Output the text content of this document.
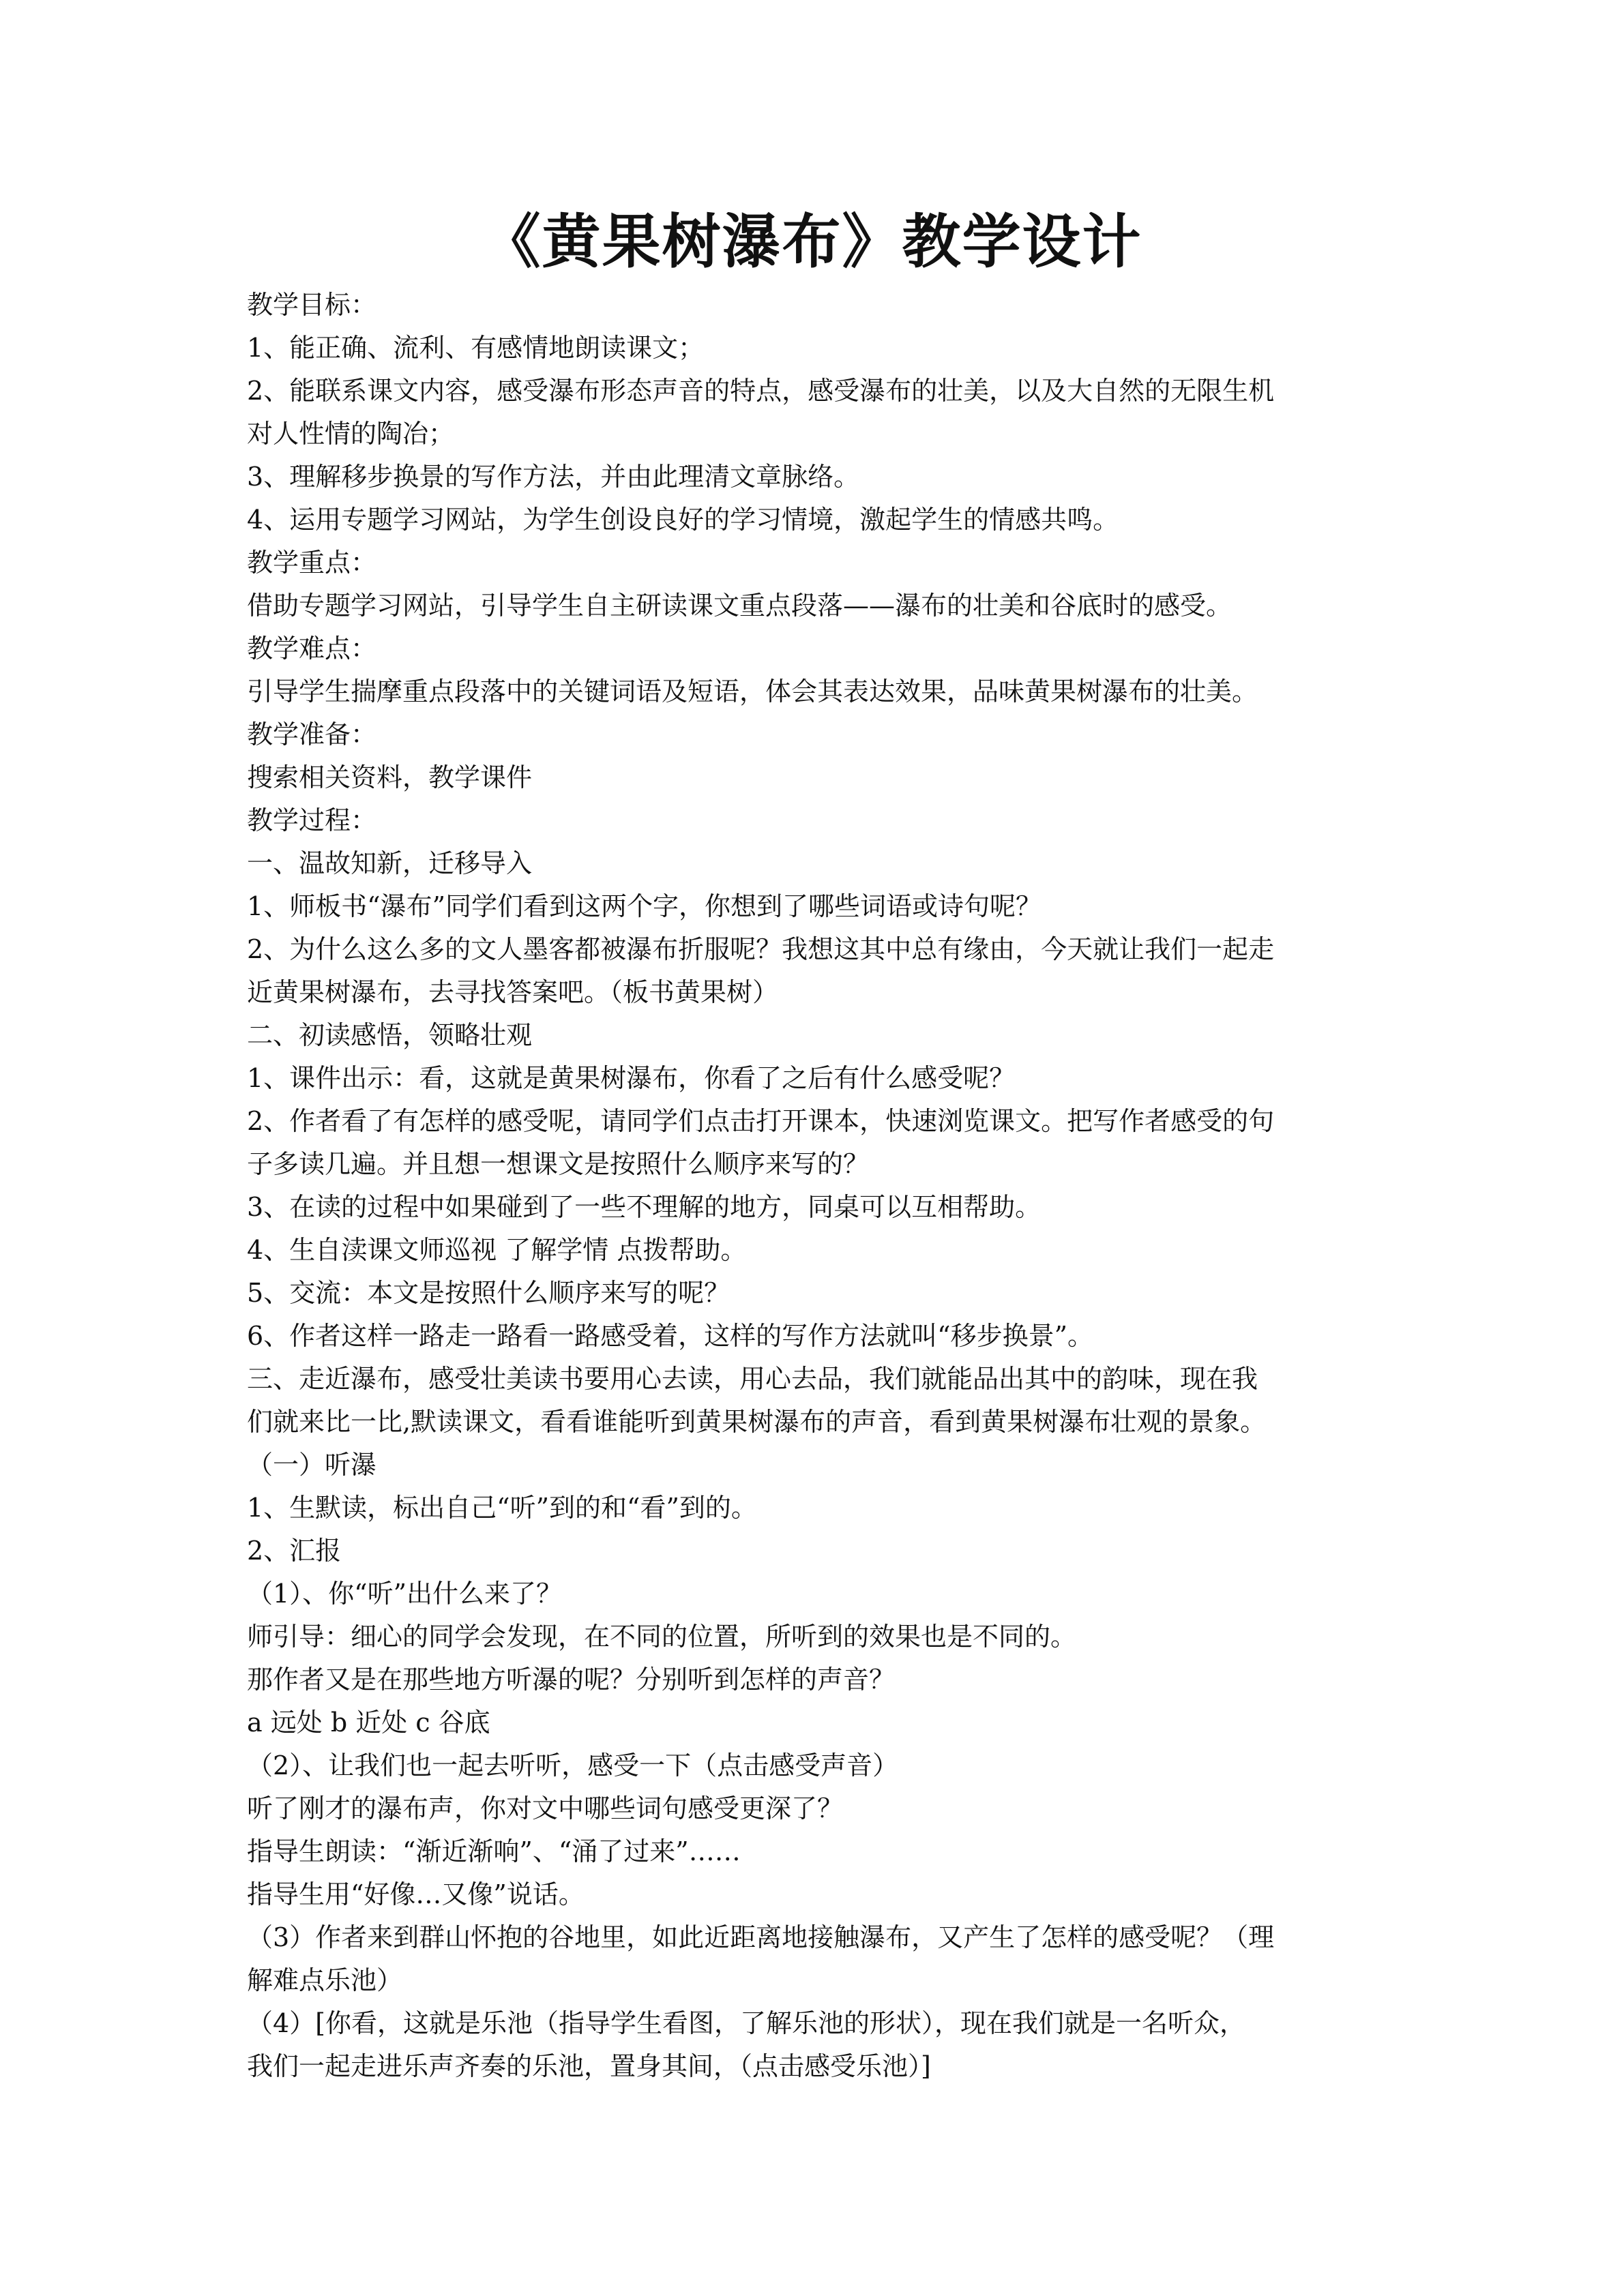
《黄果树瀑布》教学设计
教学目标：
1、能正确、流利、有感情地朗读课文；
2、能联系课文内容，感受瀑布形态声音的特点，感受瀑布的壮美，以及大自然的无限生机
对人性情的陶冶；
3、理解移步换景的写作方法，并由此理清文章脉络。
4、运用专题学习网站，为学生创设良好的学习情境，激起学生的情感共鸣。
教学重点：
借助专题学习网站，引导学生自主研读课文重点段落——瀑布的壮美和谷底时的感受。
教学难点：
引导学生揣摩重点段落中的关键词语及短语，体会其表达效果，品味黄果树瀑布的壮美。
教学准备：
搜索相关资料，教学课件
教学过程：
一、温故知新，迁移导入
1、师板书“瀑布”同学们看到这两个字，你想到了哪些词语或诗句呢？
2、为什么这么多的文人墨客都被瀑布折服呢？我想这其中总有缘由，今天就让我们一起走
近黄果树瀑布，去寻找答案吧。（板书黄果树）
二、初读感悟，领略壮观
1、课件出示：看，这就是黄果树瀑布，你看了之后有什么感受呢？
2、作者看了有怎样的感受呢，请同学们点击打开课本，快速浏览课文。把写作者感受的句
子多读几遍。并且想一想课文是按照什么顺序来写的？
3、在读的过程中如果碰到了一些不理解的地方，同桌可以互相帮助。
4、生自渎课文师巡视 了解学情 点拨帮助。
5、交流：本文是按照什么顺序来写的呢？
6、作者这样一路走一路看一路感受着，这样的写作方法就叫“移步换景”。
三、走近瀑布，感受壮美读书要用心去读，用心去品，我们就能品出其中的韵味，现在我
们就来比一比,默读课文，看看谁能听到黄果树瀑布的声音，看到黄果树瀑布壮观的景象。
（一）听瀑
1、生默读，标出自己“听”到的和“看”到的。
2、汇报
（1）、你“听”出什么来了？
师引导：细心的同学会发现，在不同的位置，所听到的效果也是不同的。
那作者又是在那些地方听瀑的呢？分别听到怎样的声音？
a 远处 b 近处 c 谷底
（2）、让我们也一起去听听，感受一下（点击感受声音）
听了刚才的瀑布声，你对文中哪些词句感受更深了？
指导生朗读：“渐近渐响”、“涌了过来”……
指导生用“好像…又像”说话。
（3）作者来到群山怀抱的谷地里，如此近距离地接触瀑布，又产生了怎样的感受呢？（理
解难点乐池）
（4）[你看，这就是乐池（指导学生看图，了解乐池的形状），现在我们就是一名听众，
我们一起走进乐声齐奏的乐池，置身其间，（点击感受乐池）]
